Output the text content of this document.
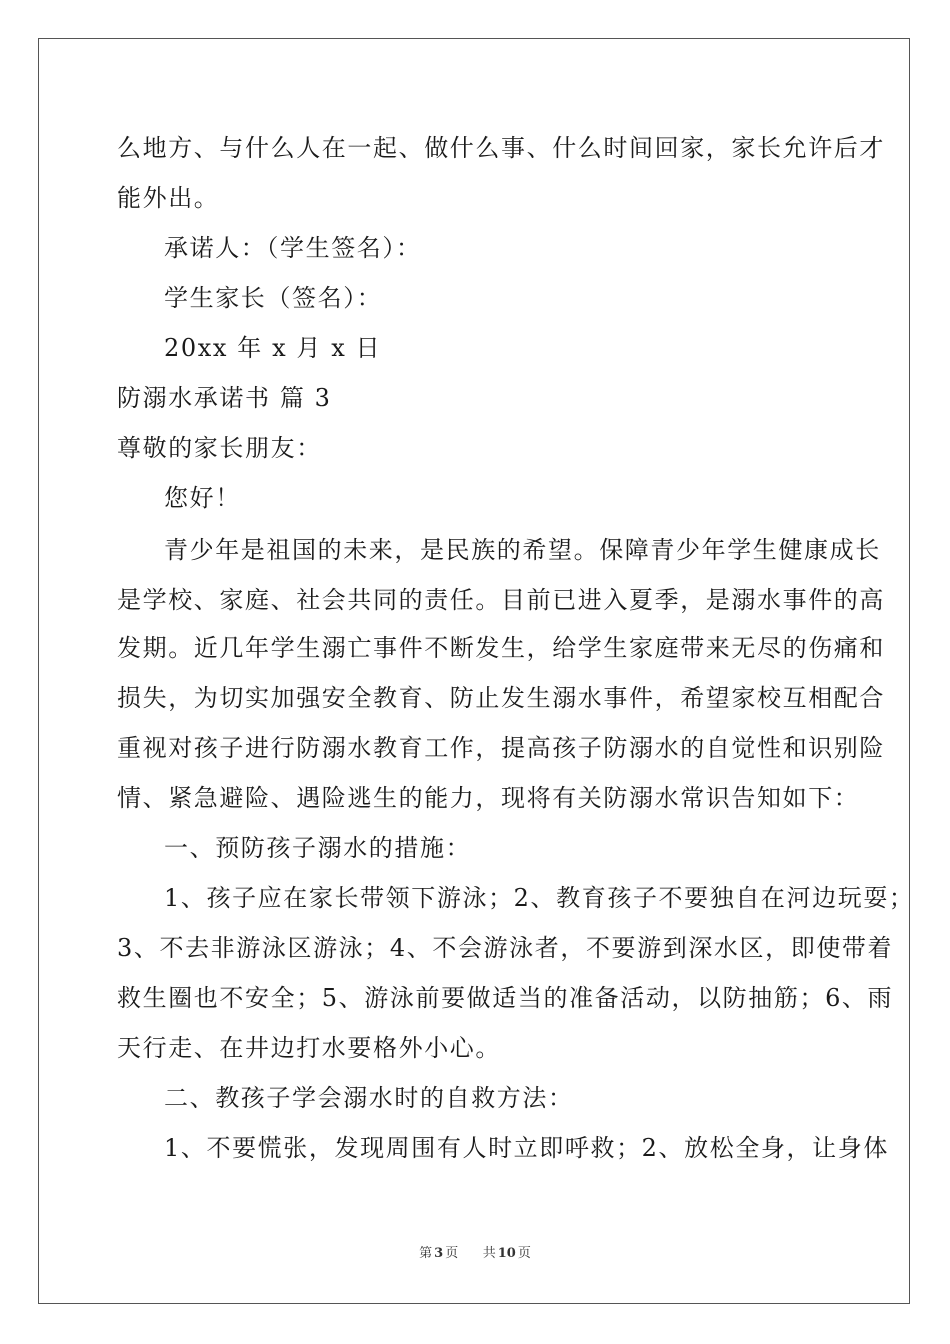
么地方、与什么人在一起、做什么事、什么时间回家，家长允许后才
能外出。
承诺人：（学生签名）：
学生家长（签名）：
20xx 年 x 月 x 日
防溺水承诺书 篇 3
尊敬的家长朋友：
您好！
青少年是祖国的未来，是民族的希望。保障青少年学生健康成长
是学校、家庭、社会共同的责任。目前已进入夏季，是溺水事件的高
发期。近几年学生溺亡事件不断发生，给学生家庭带来无尽的伤痛和
损失，为切实加强安全教育、防止发生溺水事件，希望家校互相配合
重视对孩子进行防溺水教育工作，提高孩子防溺水的自觉性和识别险
情、紧急避险、遇险逃生的能力，现将有关防溺水常识告知如下：
一、预防孩子溺水的措施：
1、孩子应在家长带领下游泳；2、教育孩子不要独自在河边玩耍；
3、不去非游泳区游泳；4、不会游泳者，不要游到深水区，即使带着
救生圈也不安全；5、游泳前要做适当的准备活动，以防抽筋；6、雨
天行走、在井边打水要格外小心。
二、教孩子学会溺水时的自救方法：
1、不要慌张，发现周围有人时立即呼救；2、放松全身，让身体
第 3 页 共 10 页
